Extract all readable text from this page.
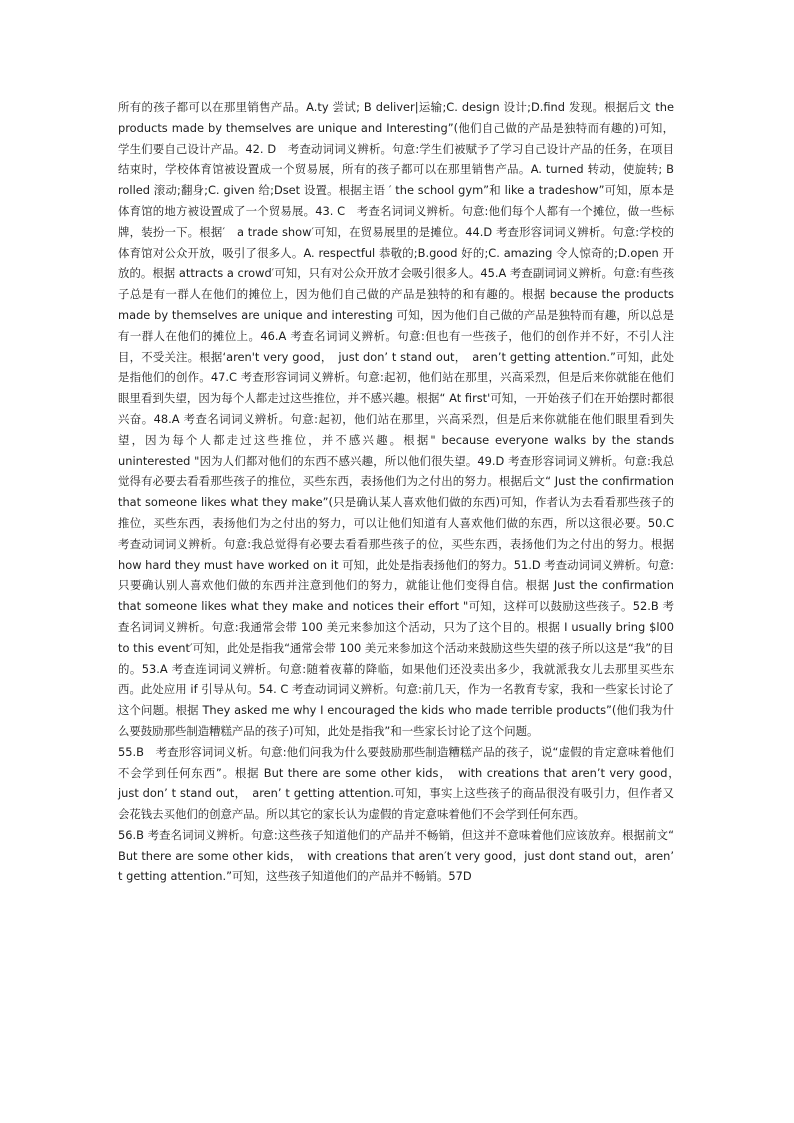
所有的孩子都可以在那里销售产品。A.ty 尝试; B deliver|运输;C. design 设计;D.find 发现。根据后文 the products made by themselves are unique and Interesting”(他们自己做的产品是独特而有趣的)可知，学生们要自己设计产品。42. D　考查动词词义辨析。句意:学生们被赋予了学习自己设计产品的任务，在项目结束时，学校体育馆被设置成一个贸易展，所有的孩子都可以在那里销售产品。A. turned 转动，使旋转; B rolled 滚动;翻身;C. given 给;Dset 设置。根据主语 ′ the school gym”和 like a tradeshow”可知，原本是体育馆的地方被设置成了一个贸易展。43. C　考查名词词义辨析。句意:他们每个人都有一个摊位，做一些标牌，装扮一下。根据′　a trade show′可知，在贸易展里的是摊位。44.D 考查形容词词义辨析。句意:学校的体育馆对公众开放，吸引了很多人。A. respectful 恭敬的;B.good 好的;C. amazing 令人惊奇的;D.open 开放的。根据 attracts a crowd′可知，只有对公众开放才会吸引很多人。45.A 考查副词词义辨析。句意:有些孩子总是有一群人在他们的摊位上，因为他们自己做的产品是独特的和有趣的。根据 because the products made by themselves are unique and interesting 可知，因为他们自己做的产品是独特而有趣，所以总是有一群人在他们的摊位上。46.A 考查名词词义辨析。句意:但也有一些孩子，他们的创作并不好，不引人注目，不受关注。根据‘aren't very good，　just don’ t stand out，　aren’t getting attention.”可知，此处是指他们的创作。47.C 考查形容词词义辨析。句意:起初，他们站在那里，兴高采烈，但是后来你就能在他们眼里看到失望，因为每个人都走过这些推位，并不感兴趣。根据“ At first'可知，一开始孩子们在开始摆时都很兴奋。48.A 考查名词词义辨析。句意:起初，他们站在那里，兴高采烈，但是后来你就能在他们眼里看到失望，因为每个人都走过这些推位，并不感兴趣。根据" because everyone walks by the stands uninterested "因为人们都对他们的东西不感兴趣，所以他们很失望。49.D 考查形容词词义辨析。句意:我总觉得有必要去看看那些孩子的推位，买些东西，表扬他们为之付出的努力。根据后文“ Just the confirmation that someone likes what they make”(只是确认某人喜欢他们做的东西)可知，作者认为去看看那些孩子的推位，买些东西，表扬他们为之付出的努力，可以让他们知道有人喜欢他们做的东西，所以这很必要。50.C　考查动词词义辨析。句意:我总觉得有必要去看看那些孩子的位，买些东西，表扬他们为之付出的努力。根据 how hard they must have worked on it 可知，此处是指表扬他们的努力。51.D 考查动词词义辨析。句意:只要确认别人喜欢他们做的东西并注意到他们的努力，就能让他们变得自信。根据 Just the confirmation that someone likes what they make and notices their effort "可知，这样可以鼓励这些孩子。52.B 考查名词词义辨析。句意:我通常会带 100 美元来参加这个活动，只为了这个目的。根据 I usually bring $l00 to this event′可知，此处是指我“通常会带 100 美元来参加这个活动来鼓励这些失望的孩子所以这是“我”的目的。53.A 考查连词词义辨析。句意:随着夜幕的降临，如果他们还没卖出多少，我就派我女儿去那里买些东西。此处应用 if 引导从句。54. C 考查动词词义辨析。句意:前几天，作为一名教育专家，我和一些家长讨论了这个问题。根据 They asked me why I encouraged the kids who made terrible products”(他们我为什么要鼓励那些制造糟糕产品的孩子)可知，此处是指我”和一些家长讨论了这个问题。

55.B　考查形容词词义析。句意:他们问我为什么要鼓励那些制造糟糕产品的孩子，说“虚假的肯定意味着他们不会学到任何东西”。根据 But there are some other kids，　with creations that aren’t very good，　just don’ t stand out，　aren’ t getting attention.可知，事实上这些孩子的商品很没有吸引力，但作者又会花钱去买他们的创意产品。所以其它的家长认为虚假的肯定意味着他们不会学到任何东西。

56.B 考查名词词义辨析。句意:这些孩子知道他们的产品并不畅销，但这并不意味着他们应该放弃。根据前文“ But there are some other kids，　with creations that aren′t very good，just dont stand out，aren’ t getting attention.”可知，这些孩子知道他们的产品并不畅销。57D
